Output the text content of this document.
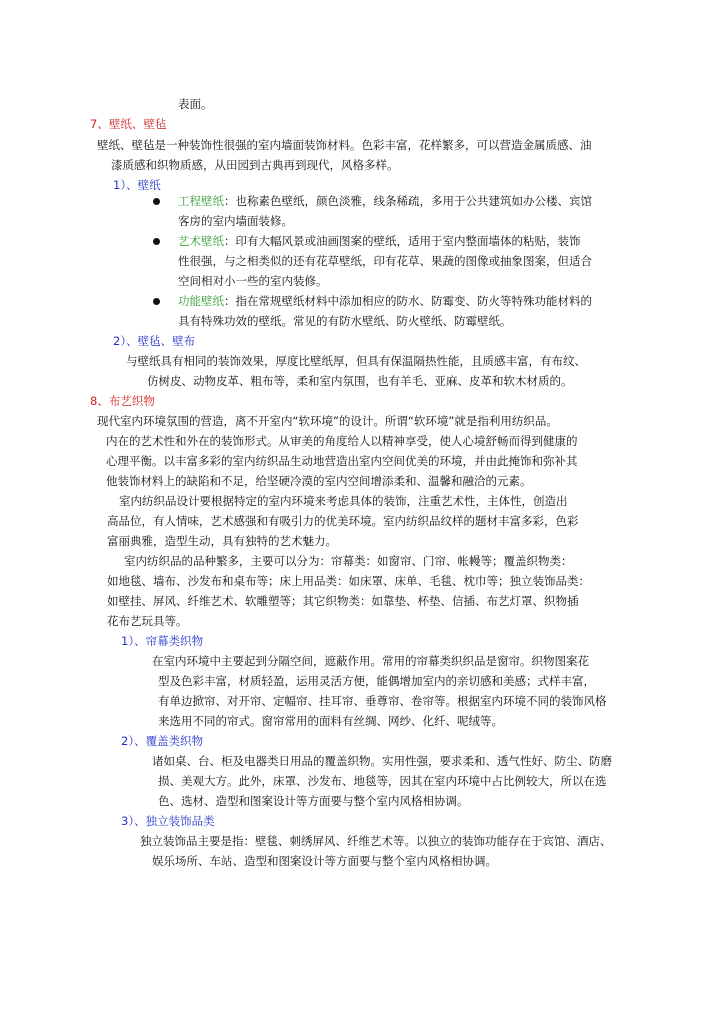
表面。
7、壁纸、壁毡
壁纸、壁毡是一种装饰性很强的室内墙面装饰材料。色彩丰富，花样繁多，可以营造金属质感、油
漆质感和织物质感，从田园到古典再到现代，风格多样。
1）、壁纸
工程壁纸：也称素色壁纸，颜色淡雅，线条稀疏，多用于公共建筑如办公楼、宾馆
客房的室内墙面装修。
艺术壁纸：印有大幅风景或油画图案的壁纸，适用于室内整面墙体的粘贴，装饰
性很强，与之相类似的还有花草壁纸，印有花草、果蔬的图像或抽象图案，但适合
空间相对小一些的室内装修。
功能壁纸：指在常规壁纸材料中添加相应的防水、防霉变、防火等特殊功能材料的
具有特殊功效的壁纸。常见的有防水壁纸、防火壁纸、防霉壁纸。
2）、壁毡、壁布
与壁纸具有相同的装饰效果，厚度比壁纸厚，但具有保温隔热性能，且质感丰富，有布纹、
仿树皮、动物皮革、粗布等，柔和室内氛围，也有羊毛、亚麻、皮革和软木材质的。
8、布艺织物
现代室内环境氛围的营造，离不开室内“软环境”的设计。所谓“软环境”就是指利用纺织品。
内在的艺术性和外在的装饰形式。从审美的角度给人以精神享受，使人心境舒畅而得到健康的
心理平衡。以丰富多彩的室内纺织品生动地营造出室内空间优美的环境，并由此掩饰和弥补其
他装饰材料上的缺陷和不足，给坚硬冷漠的室内空间增添柔和、温馨和融洽的元素。
室内纺织品设计要根据特定的室内环境来考虑具体的装饰，注重艺术性，主体性，创造出
高品位，有人情味，艺术感强和有吸引力的优美环境。室内纺织品纹样的题材丰富多彩，色彩
富丽典雅，造型生动，具有独特的艺术魅力。
室内纺织品的品种繁多，主要可以分为：帘幕类：如窗帘、门帘、帐幔等；覆盖织物类：
如地毯、墙布、沙发布和桌布等；床上用品类：如床罩、床单、毛毯、枕巾等；独立装饰品类：
如壁挂、屏风、纤维艺术、软雕塑等；其它织物类：如靠垫、杯垫、信插、布艺灯罩、织物插
花布艺玩具等。
1）、帘幕类织物
在室内环境中主要起到分隔空间，遮蔽作用。常用的帘幕类织织品是窗帘。织物图案花
型及色彩丰富，材质轻盈，运用灵活方便，能偶增加室内的亲切感和美感；式样丰富，
有单边掀帘、对开帘、定幅帘、挂耳帘、垂尊帘、卷帘等。根据室内环境不同的装饰风格
来选用不同的帘式。窗帘常用的面料有丝绸、网纱、化纤、呢绒等。
2）、覆盖类织物
诸如桌、台、柜及电器类日用品的覆盖织物。实用性强，要求柔和、透气性好、防尘、防磨
损、美观大方。此外，床罩、沙发布、地毯等，因其在室内环境中占比例较大，所以在选
色、选材、造型和图案设计等方面要与整个室内风格相协调。
3）、独立装饰品类
独立装饰品主要是指：壁毯、刺绣屏风、纤维艺术等。以独立的装饰功能存在于宾馆、酒店、
娱乐场所、车站、造型和图案设计等方面要与整个室内风格相协调。
